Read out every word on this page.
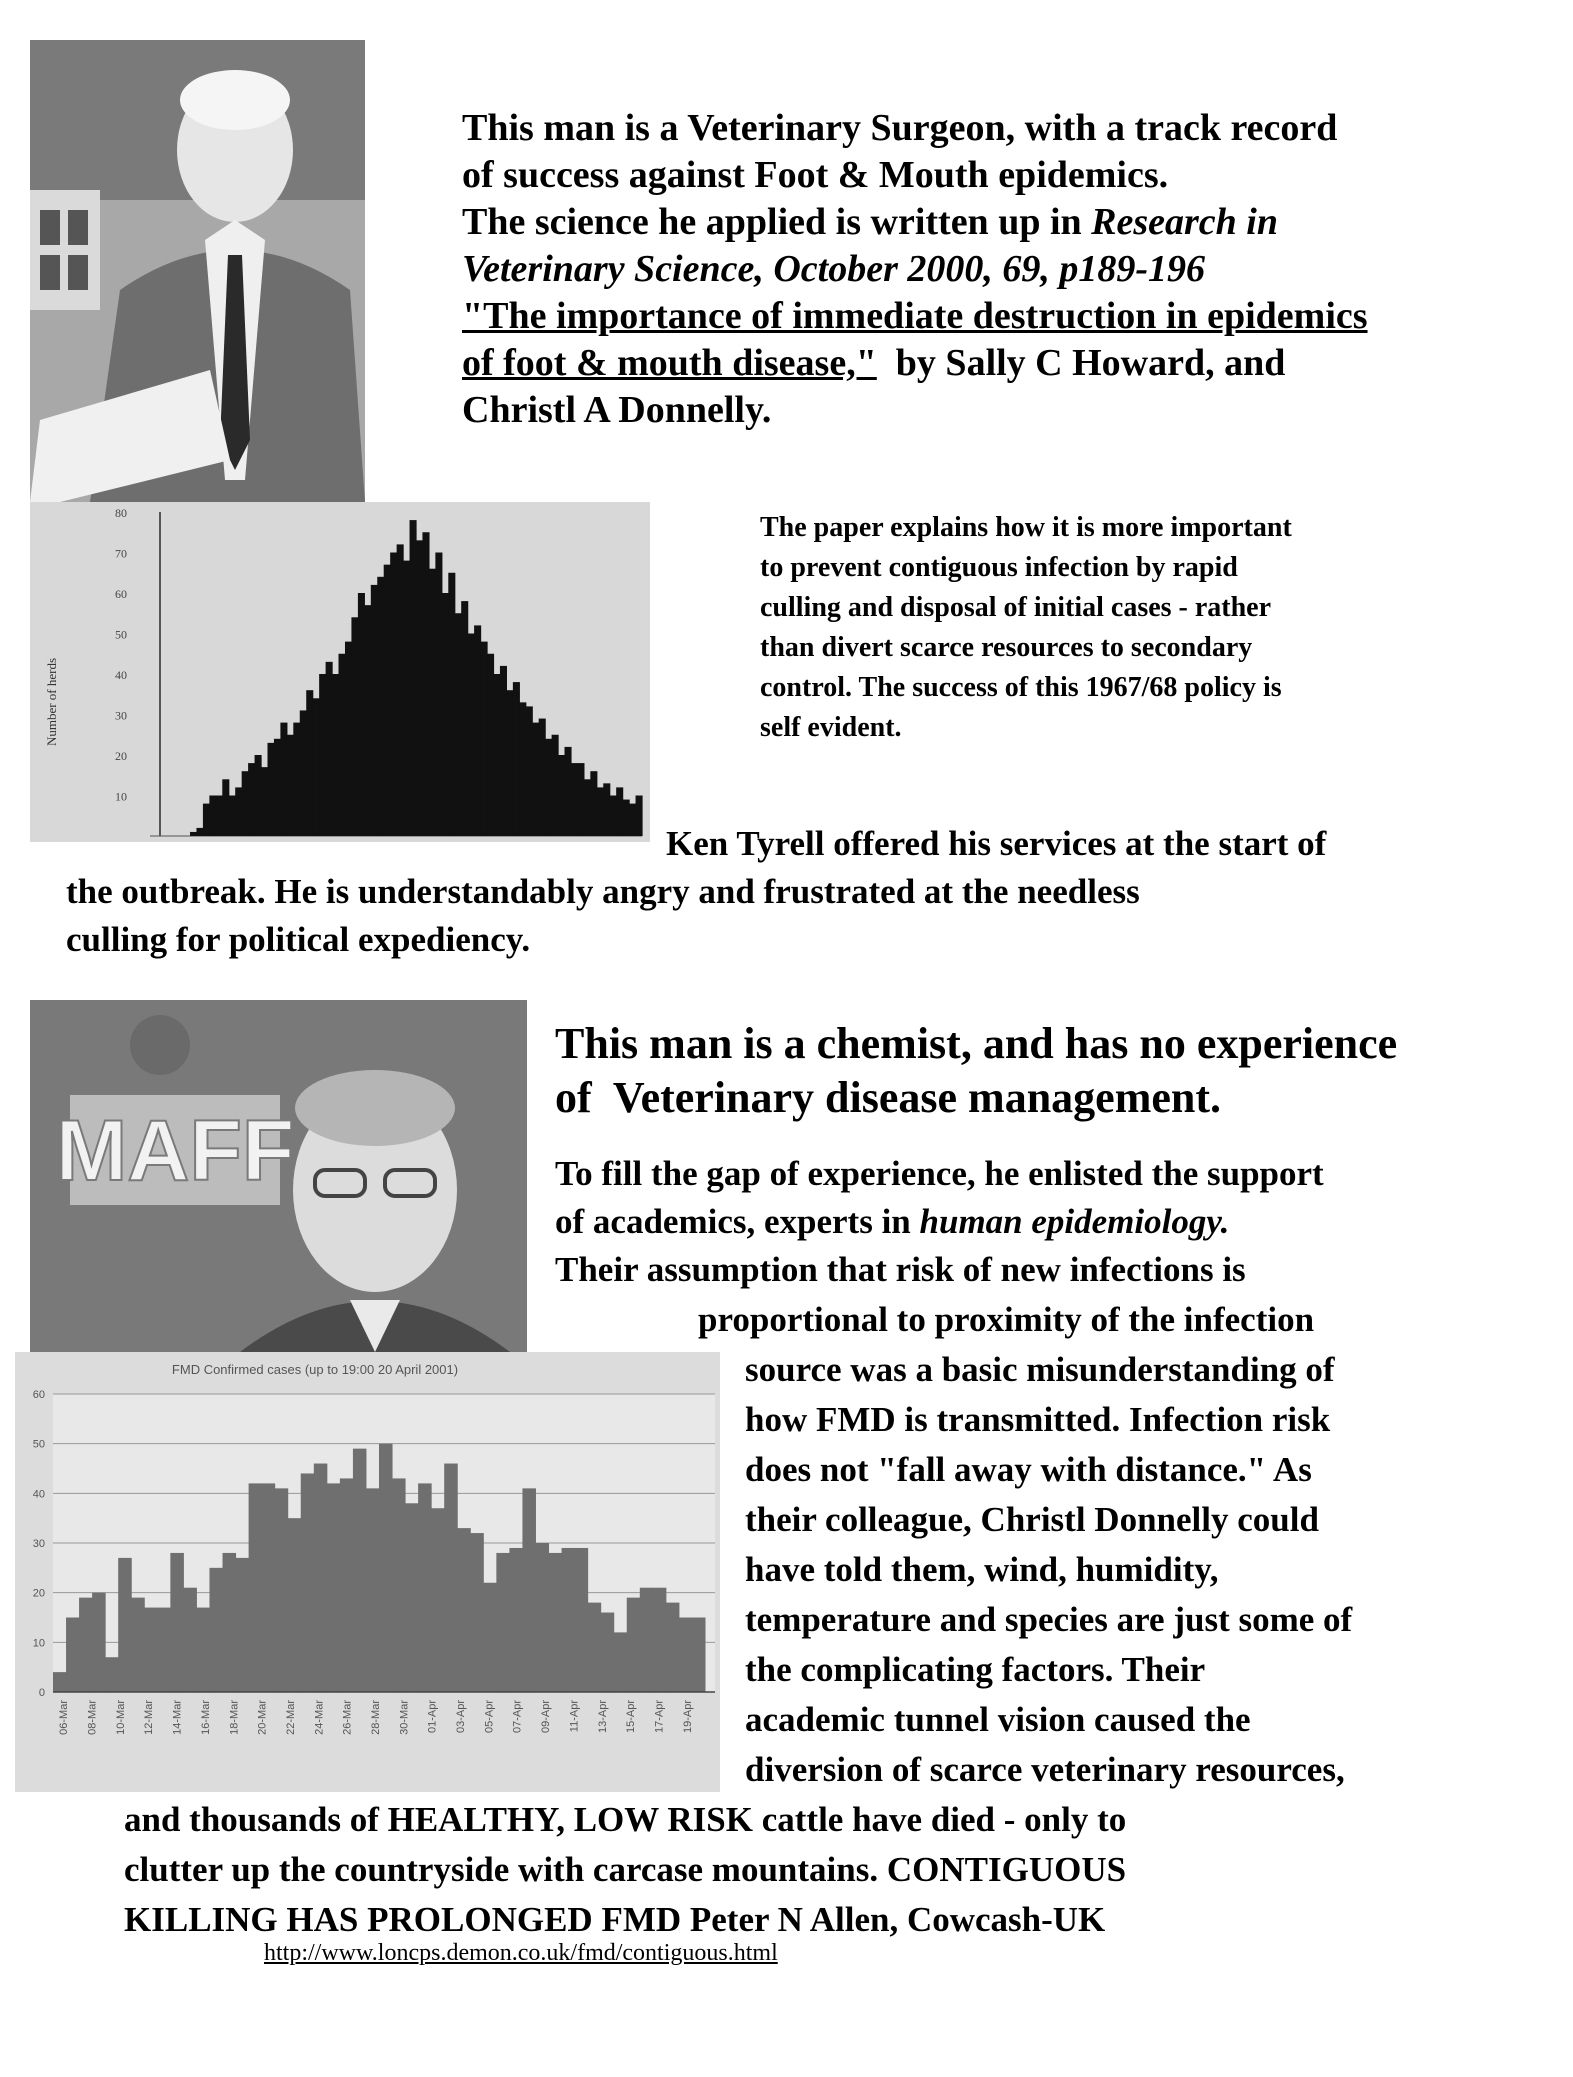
This man is a Veterinary Surgeon, with a track record
of success against Foot & Mouth epidemics.
The science he applied is written up in Research in
Veterinary Science, October 2000, 69, p189-196
"The importance of immediate destruction in epidemics
of foot & mouth disease,"  by Sally C Howard, and
Christl A Donnelly.
80
70
60
50
40
30
20
10
Number of herds
The paper explains how it is more important
to prevent contiguous infection by rapid
culling and disposal of initial cases - rather
than divert scarce resources to secondary
control. The success of this 1967/68 policy is
self evident.
Ken Tyrell offered his services at the start of
the outbreak. He is understandably angry and frustrated at the needless
culling for political expediency.
MAFF
This man is a chemist, and has no experience
of  Veterinary disease management.
To fill the gap of experience, he enlisted the support
of academics, experts in human epidemiology.
Their assumption that risk of new infections is
proportional to proximity of the infection
source was a basic misunderstanding of
how FMD is transmitted. Infection risk
does not "fall away with distance." As
their colleague, Christl Donnelly could
have told them, wind, humidity,
temperature and species are just some of
the complicating factors. Their
academic tunnel vision caused the
diversion of scarce veterinary resources,
and thousands of HEALTHY, LOW RISK cattle have died - only to
clutter up the countryside with carcase mountains. CONTIGUOUS
KILLING HAS PROLONGED FMD Peter N Allen, Cowcash-UK
60
50
40
30
20
10
0
FMD Confirmed cases (up to 19:00 20 April 2001)
06-Mar 08-Mar 10-Mar 12-Mar 14-Mar 16-Mar 18-Mar 20-Mar 22-Mar 24-Mar 26-Mar 28-Mar 30-Mar 01-Apr 03-Apr 05-Apr 07-Apr 09-Apr 11-Apr 13-Apr 15-Apr 17-Apr 19-Apr
http://www.loncps.demon.co.uk/fmd/contiguous.html
